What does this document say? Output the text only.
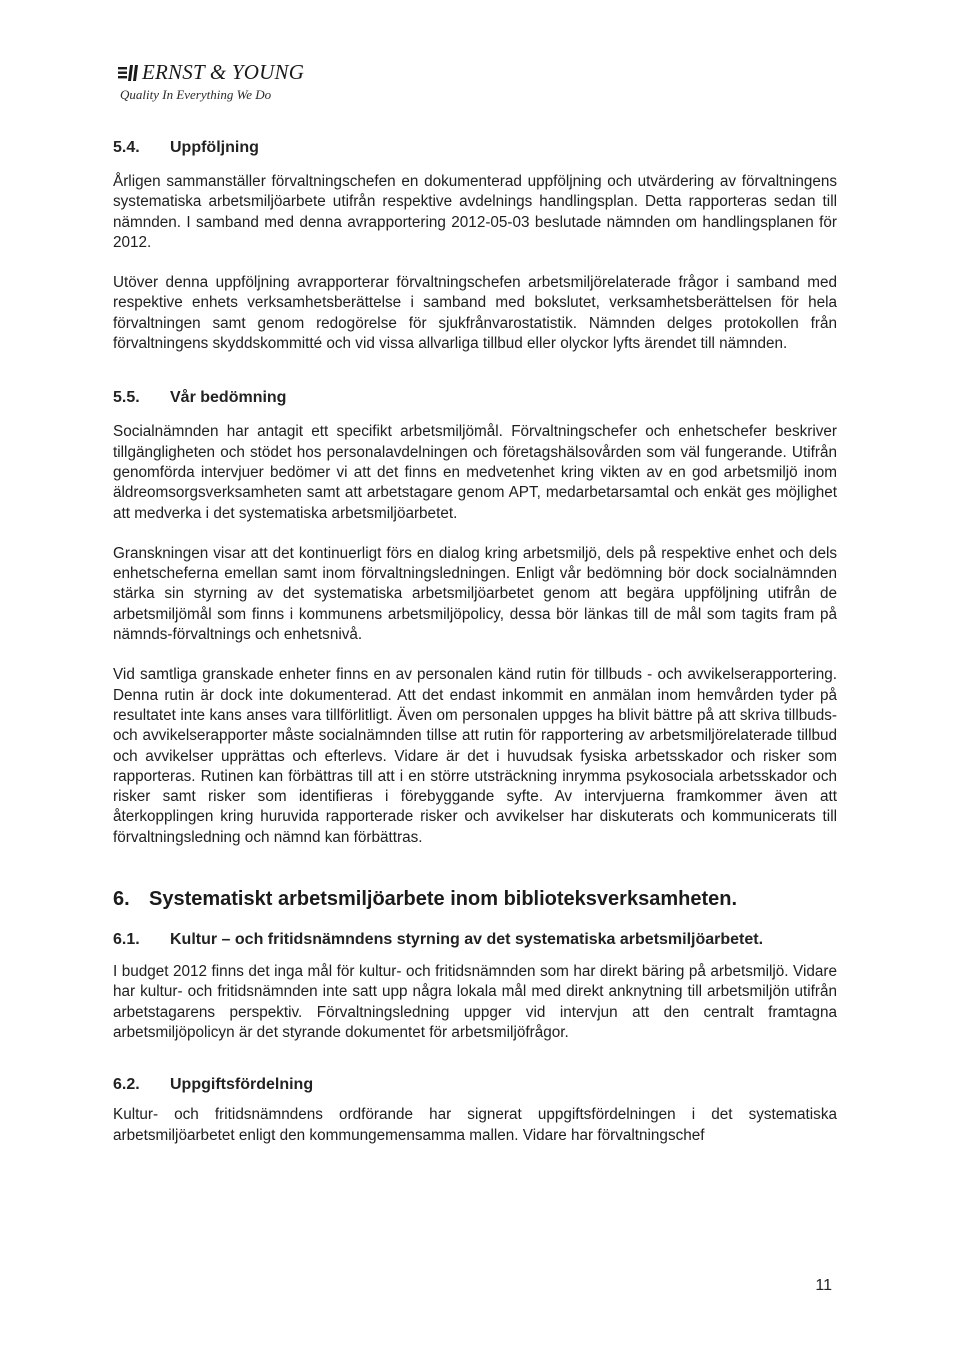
ERNST & YOUNG
Quality In Everything We Do
5.4.	Uppföljning

Årligen sammanställer förvaltningschefen en dokumenterad uppföljning och utvärdering av förvaltningens systematiska arbetsmiljöarbete utifrån respektive avdelnings handlingsplan. Detta rapporteras sedan till nämnden. I samband med denna avrapportering 2012-05-03 beslutade nämnden om handlingsplanen för 2012.

Utöver denna uppföljning avrapporterar förvaltningschefen arbetsmiljörelaterade frågor i samband med respektive enhets verksamhetsberättelse i samband med bokslutet, verksamhetsberättelsen för hela förvaltningen samt genom redogörelse för sjukfrånvarostatistik. Nämnden delges protokollen från förvaltningens skyddskommitté och vid vissa allvarliga tillbud eller olyckor lyfts ärendet till nämnden.

5.5.	Vår bedömning

Socialnämnden har antagit ett specifikt arbetsmiljömål. Förvaltningschefer och enhetschefer beskriver tillgängligheten och stödet hos personalavdelningen och företagshälsovården som väl fungerande. Utifrån genomförda intervjuer bedömer vi att det finns en medvetenhet kring vikten av en god arbetsmiljö inom äldreomsorgsverksamheten samt att arbetstagare genom APT, medarbetarsamtal och enkät ges möjlighet att medverka i det systematiska arbetsmiljöarbetet.

Granskningen visar att det kontinuerligt förs en dialog kring arbetsmiljö, dels på respektive enhet och dels enhetscheferna emellan samt inom förvaltningsledningen. Enligt vår bedömning bör dock socialnämnden stärka sin styrning av det systematiska arbetsmiljöarbetet genom att begära uppföljning utifrån de arbetsmiljömål som finns i kommunens arbetsmiljöpolicy, dessa bör länkas till de mål som tagits fram på nämnds-förvaltnings och enhetsnivå.

Vid samtliga granskade enheter finns en av personalen känd rutin för tillbuds - och avvikelserapportering. Denna rutin är dock inte dokumenterad. Att det endast inkommit en anmälan inom hemvården tyder på resultatet inte kans anses vara tillförlitligt. Även om personalen uppges ha blivit bättre på att skriva tillbuds- och avvikelserapporter måste socialnämnden tillse att rutin för rapportering av arbetsmiljörelaterade tillbud och avvikelser upprättas och efterlevs. Vidare är det i huvudsak fysiska arbetsskador och risker som rapporteras. Rutinen kan förbättras till att i en större utsträckning inrymma psykosociala arbetsskador och risker samt risker som identifieras i förebyggande syfte. Av intervjuerna framkommer även att återkopplingen kring huruvida rapporterade risker och avvikelser har diskuterats och kommunicerats till förvaltningsledning och nämnd kan förbättras.

6. Systematiskt arbetsmiljöarbete inom biblioteksverksamheten.
6.1.	Kultur – och fritidsnämndens styrning av det systematiska arbetsmiljöarbetet.

I budget 2012 finns det inga mål för kultur- och fritidsnämnden som har direkt bäring på arbetsmiljö. Vidare har kultur- och fritidsnämnden inte satt upp några lokala mål med direkt anknytning till arbetsmiljön utifrån arbetstagarens perspektiv. Förvaltningsledning uppger vid intervjun att den centralt framtagna arbetsmiljöpolicyn är det styrande dokumentet för arbetsmiljöfrågor.

6.2.	Uppgiftsfördelning

Kultur- och fritidsnämndens ordförande har signerat uppgiftsfördelningen i det systematiska arbetsmiljöarbetet enligt den kommungemensamma mallen. Vidare har förvaltningschef

11
